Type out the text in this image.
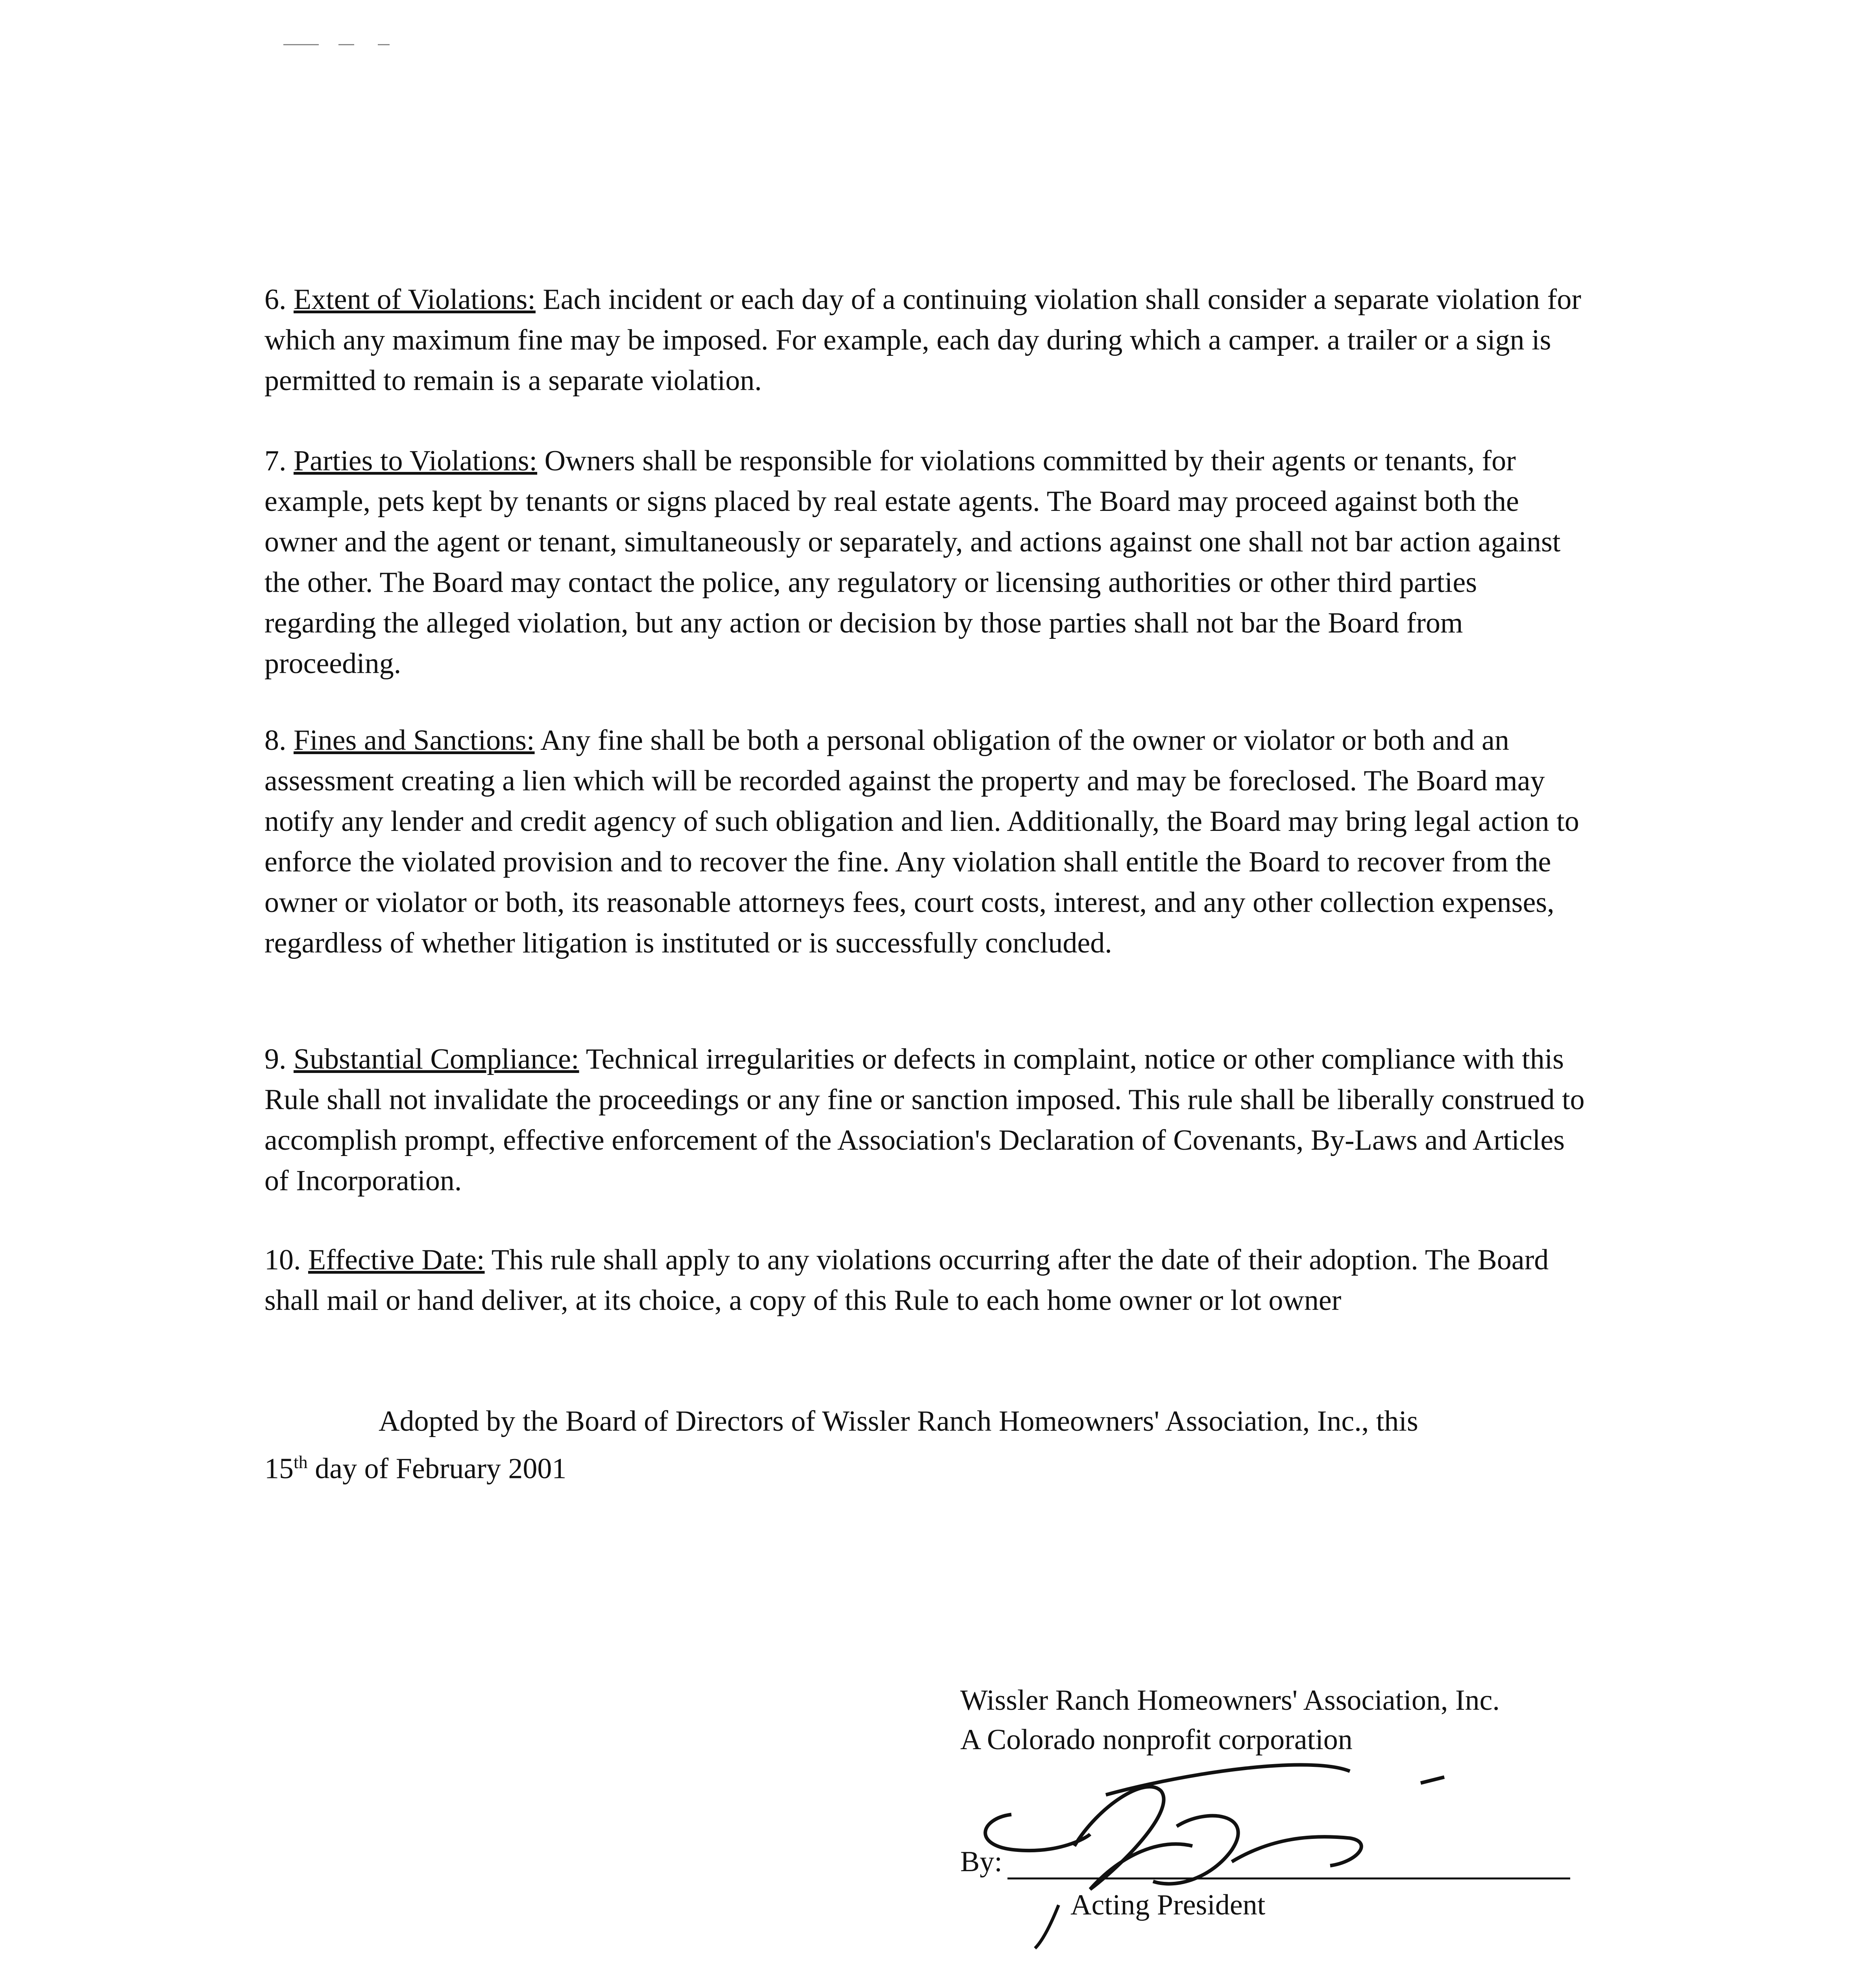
6. Extent of Violations: Each incident or each day of a continuing violation shall consider a separate violation for which any maximum fine may be imposed. For example, each day during which a camper. a trailer or a sign is permitted to remain is a separate violation.

7. Parties to Violations: Owners shall be responsible for violations committed by their agents or tenants, for example, pets kept by tenants or signs placed by real estate agents. The Board may proceed against both the owner and the agent or tenant, simultaneously or separately, and actions against one shall not bar action against the other. The Board may contact the police, any regulatory or licensing authorities or other third parties regarding the alleged violation, but any action or decision by those parties shall not bar the Board from proceeding.

8. Fines and Sanctions: Any fine shall be both a personal obligation of the owner or violator or both and an assessment creating a lien which will be recorded against the property and may be foreclosed. The Board may notify any lender and credit agency of such obligation and lien. Additionally, the Board may bring legal action to enforce the violated provision and to recover the fine. Any violation shall entitle the Board to recover from the owner or violator or both, its reasonable attorneys fees, court costs, interest, and any other collection expenses, regardless of whether litigation is instituted or is successfully concluded.

9. Substantial Compliance: Technical irregularities or defects in complaint, notice or other compliance with this Rule shall not invalidate the proceedings or any fine or sanction imposed. This rule shall be liberally construed to accomplish prompt, effective enforcement of the Association's Declaration of Covenants, By-Laws and Articles of Incorporation.

10. Effective Date: This rule shall apply to any violations occurring after the date of their adoption. The Board shall mail or hand deliver, at its choice, a copy of this Rule to each home owner or lot owner

Adopted by the Board of Directors of Wissler Ranch Homeowners' Association, Inc., this
15th day of February 2001
Wissler Ranch Homeowners' Association, Inc.
A Colorado nonprofit corporation
By:
Acting President
